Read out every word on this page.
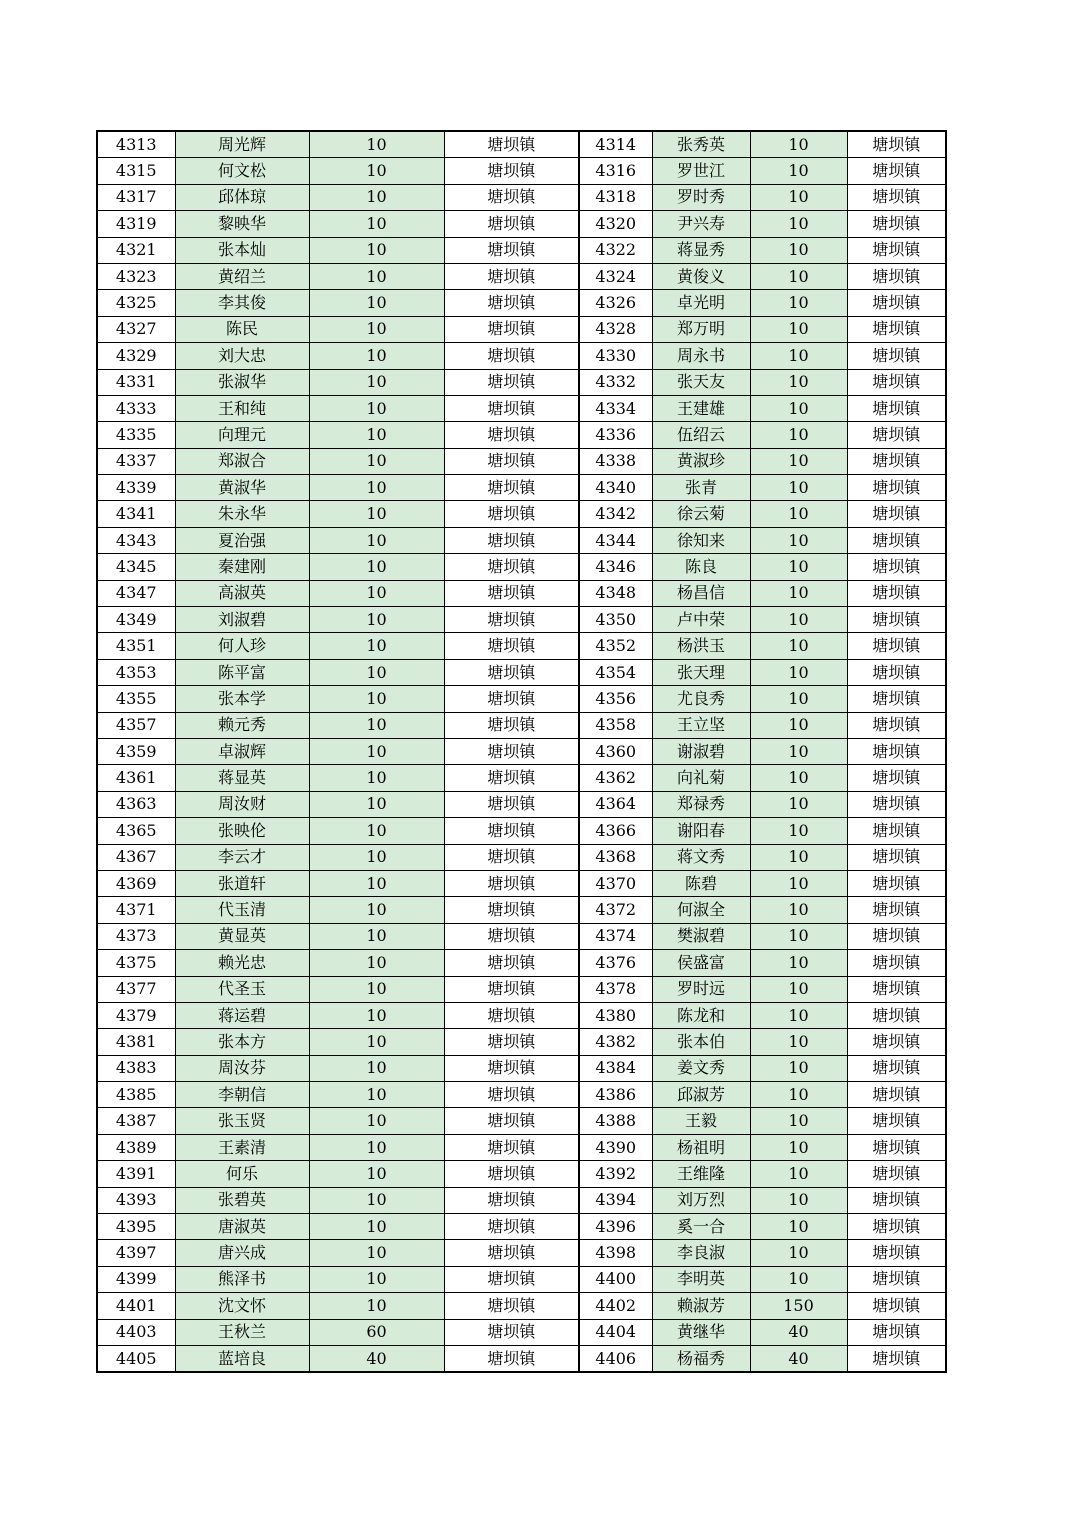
4313	周光辉	10	塘坝镇	4314	张秀英	10	塘坝镇
4315	何文松	10	塘坝镇	4316	罗世江	10	塘坝镇
4317	邱体琼	10	塘坝镇	4318	罗时秀	10	塘坝镇
4319	黎映华	10	塘坝镇	4320	尹兴寿	10	塘坝镇
4321	张本灿	10	塘坝镇	4322	蒋显秀	10	塘坝镇
4323	黄绍兰	10	塘坝镇	4324	黄俊义	10	塘坝镇
4325	李其俊	10	塘坝镇	4326	卓光明	10	塘坝镇
4327	陈民	10	塘坝镇	4328	郑万明	10	塘坝镇
4329	刘大忠	10	塘坝镇	4330	周永书	10	塘坝镇
4331	张淑华	10	塘坝镇	4332	张天友	10	塘坝镇
4333	王和纯	10	塘坝镇	4334	王建雄	10	塘坝镇
4335	向理元	10	塘坝镇	4336	伍绍云	10	塘坝镇
4337	郑淑合	10	塘坝镇	4338	黄淑珍	10	塘坝镇
4339	黄淑华	10	塘坝镇	4340	张青	10	塘坝镇
4341	朱永华	10	塘坝镇	4342	徐云菊	10	塘坝镇
4343	夏治强	10	塘坝镇	4344	徐知来	10	塘坝镇
4345	秦建刚	10	塘坝镇	4346	陈良	10	塘坝镇
4347	高淑英	10	塘坝镇	4348	杨昌信	10	塘坝镇
4349	刘淑碧	10	塘坝镇	4350	卢中荣	10	塘坝镇
4351	何人珍	10	塘坝镇	4352	杨洪玉	10	塘坝镇
4353	陈平富	10	塘坝镇	4354	张天理	10	塘坝镇
4355	张本学	10	塘坝镇	4356	尤良秀	10	塘坝镇
4357	赖元秀	10	塘坝镇	4358	王立坚	10	塘坝镇
4359	卓淑辉	10	塘坝镇	4360	谢淑碧	10	塘坝镇
4361	蒋显英	10	塘坝镇	4362	向礼菊	10	塘坝镇
4363	周汝财	10	塘坝镇	4364	郑禄秀	10	塘坝镇
4365	张映伦	10	塘坝镇	4366	谢阳春	10	塘坝镇
4367	李云才	10	塘坝镇	4368	蒋文秀	10	塘坝镇
4369	张道轩	10	塘坝镇	4370	陈碧	10	塘坝镇
4371	代玉清	10	塘坝镇	4372	何淑全	10	塘坝镇
4373	黄显英	10	塘坝镇	4374	樊淑碧	10	塘坝镇
4375	赖光忠	10	塘坝镇	4376	侯盛富	10	塘坝镇
4377	代圣玉	10	塘坝镇	4378	罗时远	10	塘坝镇
4379	蒋运碧	10	塘坝镇	4380	陈龙和	10	塘坝镇
4381	张本方	10	塘坝镇	4382	张本伯	10	塘坝镇
4383	周汝芬	10	塘坝镇	4384	姜文秀	10	塘坝镇
4385	李朝信	10	塘坝镇	4386	邱淑芳	10	塘坝镇
4387	张玉贤	10	塘坝镇	4388	王毅	10	塘坝镇
4389	王素清	10	塘坝镇	4390	杨祖明	10	塘坝镇
4391	何乐	10	塘坝镇	4392	王维隆	10	塘坝镇
4393	张碧英	10	塘坝镇	4394	刘万烈	10	塘坝镇
4395	唐淑英	10	塘坝镇	4396	奚一合	10	塘坝镇
4397	唐兴成	10	塘坝镇	4398	李良淑	10	塘坝镇
4399	熊泽书	10	塘坝镇	4400	李明英	10	塘坝镇
4401	沈文怀	10	塘坝镇	4402	赖淑芳	150	塘坝镇
4403	王秋兰	60	塘坝镇	4404	黄继华	40	塘坝镇
4405	蓝培良	40	塘坝镇	4406	杨福秀	40	塘坝镇
